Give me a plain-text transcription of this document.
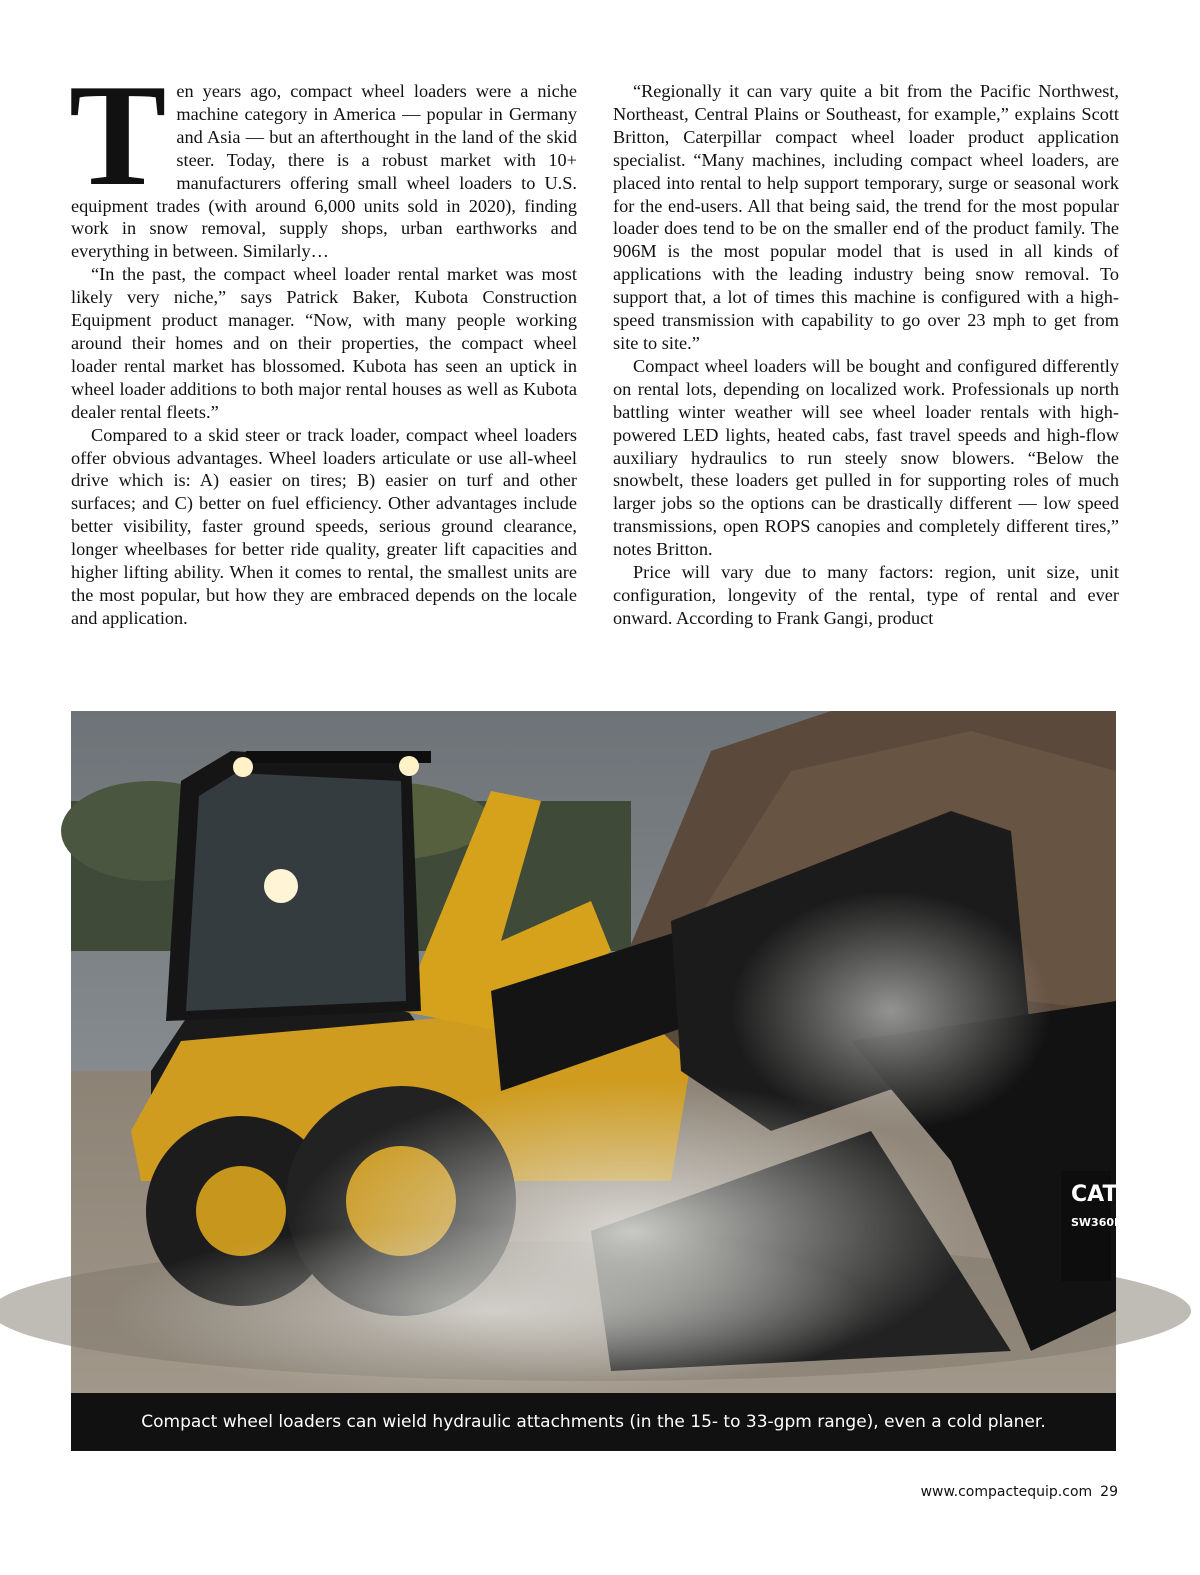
Ten years ago, compact wheel loaders were a niche machine category in America — popular in Germany and Asia — but an afterthought in the land of the skid steer. Today, there is a robust market with 10+ manufacturers offering small wheel loaders to U.S. equipment trades (with around 6,000 units sold in 2020), finding work in snow removal, supply shops, urban earthworks and everything in between. Similarly…

“In the past, the compact wheel loader rental market was most likely very niche,” says Patrick Baker, Kubota Construction Equipment product manager. “Now, with many people working around their homes and on their properties, the compact wheel loader rental market has blossomed. Kubota has seen an uptick in wheel loader additions to both major rental houses as well as Kubota dealer rental fleets.”

Compared to a skid steer or track loader, compact wheel loaders offer obvious advantages. Wheel loaders articulate or use all-wheel drive which is: A) easier on tires; B) easier on turf and other surfaces; and C) better on fuel efficiency. Other advantages include better visibility, faster ground speeds, serious ground clearance, longer wheelbases for better ride quality, greater lift capacities and higher lifting ability. When it comes to rental, the smallest units are the most popular, but how they are embraced depends on the locale and application.

“Regionally it can vary quite a bit from the Pacific Northwest, Northeast, Central Plains or Southeast, for example,” explains Scott Britton, Caterpillar compact wheel loader product application specialist. “Many machines, including compact wheel loaders, are placed into rental to help support temporary, surge or seasonal work for the end-users. All that being said, the trend for the most popular loader does tend to be on the smaller end of the product family. The 906M is the most popular model that is used in all kinds of applications with the leading industry being snow removal. To support that, a lot of times this machine is configured with a high-speed transmission with capability to go over 23 mph to get from site to site.”

Compact wheel loaders will be bought and configured differently on rental lots, depending on localized work. Professionals up north battling winter weather will see wheel loader rentals with high-powered LED lights, heated cabs, fast travel speeds and high-flow auxiliary hydraulics to run steely snow blowers. “Below the snowbelt, these loaders get pulled in for supporting roles of much larger jobs so the options can be drastically different — low speed transmissions, open ROPS canopies and completely different tires,” notes Britton.

Price will vary due to many factors: region, unit size, unit configuration, longevity of the rental, type of rental and ever onward. According to Frank Gangi, product

CAT
SW360B
Compact wheel loaders can wield hydraulic attachments (in the 15- to 33-gpm range), even a cold planer.
www.compactequip.com 29
